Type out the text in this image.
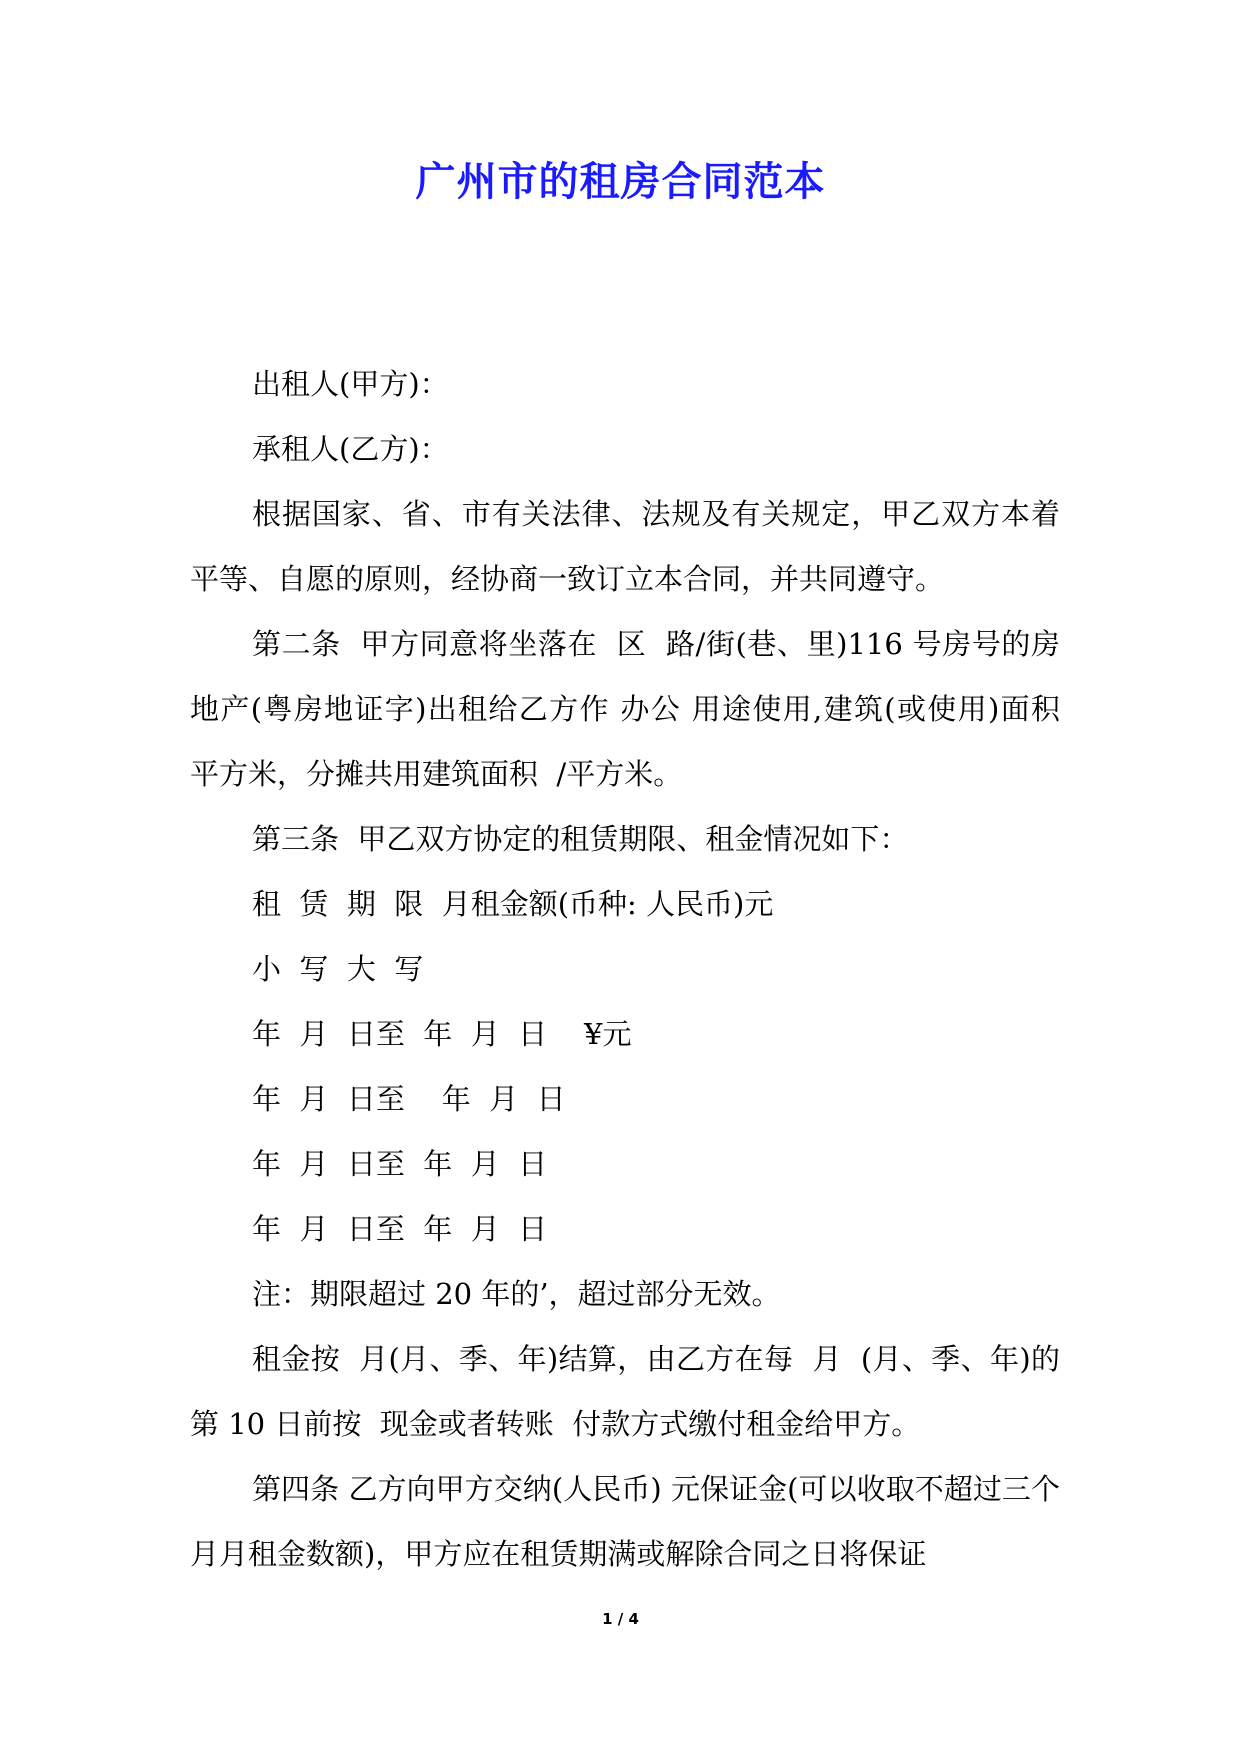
广州市的租房合同范本

出租人(甲方)：

承租人(乙方)：

根据国家、省、市有关法律、法规及有关规定，甲乙双方本着平等、自愿的原则，经协商一致订立本合同，并共同遵守。

第二条  甲方同意将坐落在  区  路/街(巷、里)116 号房号的房地产(粤房地证字)出租给乙方作 办公 用途使用,建筑(或使用)面积  平方米，分摊共用建筑面积  /平方米。

第三条  甲乙双方协定的租赁期限、租金情况如下：

租  赁  期  限  月租金额(币种: 人民币)元

小  写  大  写

年  月  日至  年  月  日    ¥元

年  月  日至    年  月  日

年  月  日至  年  月  日

年  月  日至  年  月  日

注：期限超过 20 年的’，超过部分无效。

租金按  月(月、季、年)结算，由乙方在每  月  (月、季、年)的第 10 日前按  现金或者转账  付款方式缴付租金给甲方。

第四条 乙方向甲方交纳(人民币) 元保证金(可以收取不超过三个月月租金数额)，甲方应在租赁期满或解除合同之日将保证

1 / 4
